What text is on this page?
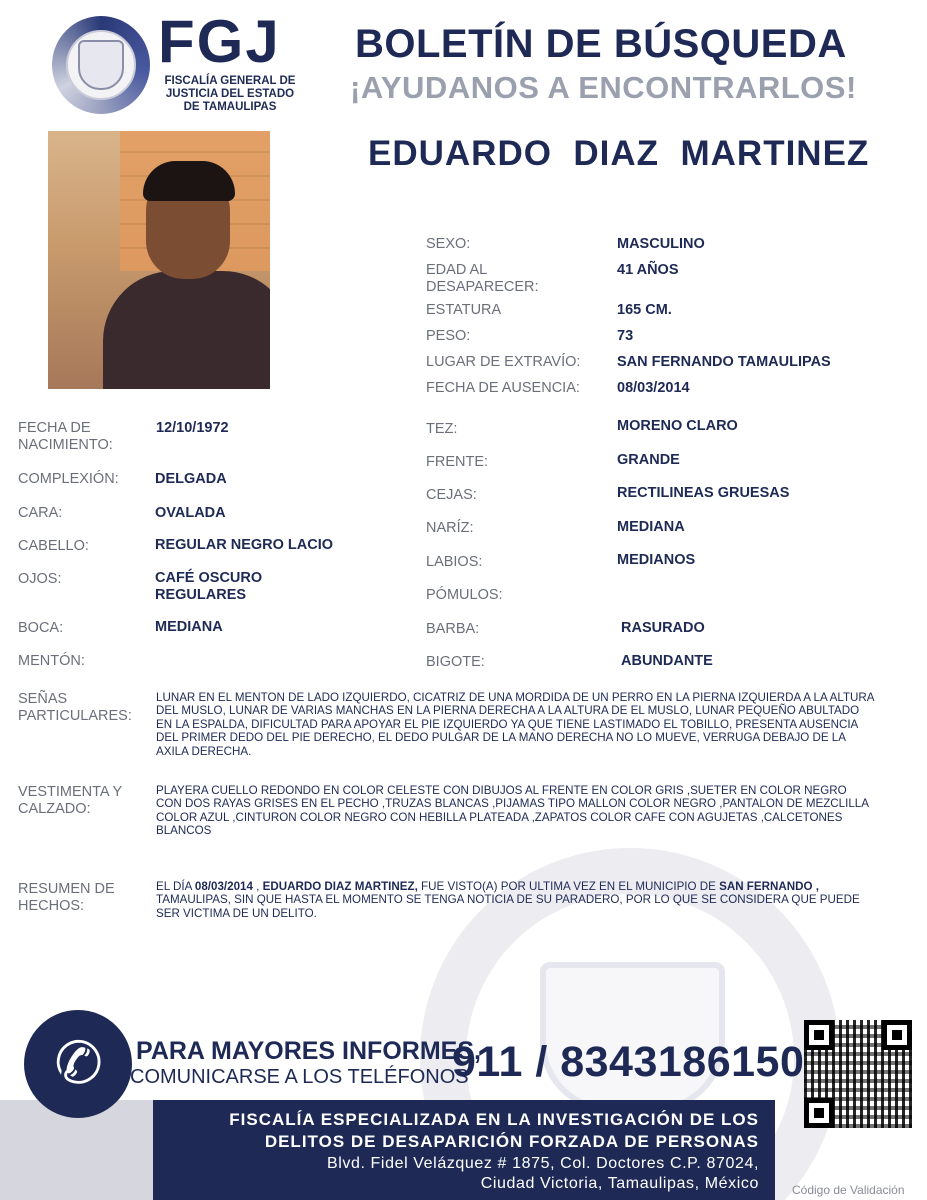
FGJ
FISCALÍA GENERAL DE JUSTICIA DEL ESTADO DE TAMAULIPAS
BOLETÍN DE BÚSQUEDA
¡AYUDANOS A ENCONTRARLOS!
EDUARDO  DIAZ  MARTINEZ
SEXO:	MASCULINO
EDAD AL
DESAPARECER:
41 AÑOS
ESTATURA	165 CM.
PESO:	73
LUGAR DE EXTRAVÍO:	SAN FERNANDO TAMAULIPAS
FECHA DE AUSENCIA:	08/03/2014
FECHA DE
NACIMIENTO:
12/10/1972
COMPLEXIÓN:	DELGADA
CARA:	OVALADA
CABELLO:	REGULAR NEGRO LACIO
OJOS:	CAFÉ OSCURO
REGULARES
BOCA:	MEDIANA
MENTÓN:
TEZ:	MORENO CLARO
FRENTE:	GRANDE
CEJAS:	RECTILINEAS GRUESAS
NARÍZ:	MEDIANA
LABIOS:	MEDIANOS
PÓMULOS:
BARBA:	RASURADO
BIGOTE:	ABUNDANTE
SEÑAS
PARTICULARES:
LUNAR EN EL MENTON DE LADO IZQUIERDO, CICATRIZ DE UNA MORDIDA DE UN PERRO EN LA PIERNA IZQUIERDA A LA ALTURA DEL MUSLO, LUNAR DE VARIAS MANCHAS EN LA PIERNA DERECHA A LA ALTURA DE EL MUSLO, LUNAR PEQUEÑO ABULTADO EN LA ESPALDA, DIFICULTAD PARA APOYAR EL PIE IZQUIERDO YA QUE TIENE LASTIMADO EL TOBILLO, PRESENTA AUSENCIA DEL PRIMER DEDO DEL PIE DERECHO, EL DEDO PULGAR DE LA MANO DERECHA NO LO MUEVE, VERRUGA DEBAJO DE LA AXILA DERECHA.
VESTIMENTA Y
CALZADO:
PLAYERA CUELLO REDONDO EN COLOR CELESTE CON DIBUJOS AL FRENTE EN COLOR GRIS ,SUETER EN COLOR NEGRO CON DOS RAYAS GRISES EN EL PECHO ,TRUZAS BLANCAS ,PIJAMAS TIPO MALLON COLOR NEGRO ,PANTALON DE MEZCLILLA COLOR AZUL ,CINTURON COLOR NEGRO CON HEBILLA PLATEADA ,ZAPATOS COLOR CAFE CON AGUJETAS ,CALCETONES BLANCOS
RESUMEN DE
HECHOS:
EL DÍA 08/03/2014 , EDUARDO DIAZ MARTINEZ, FUE VISTO(A) POR ULTIMA VEZ EN EL MUNICIPIO DE SAN FERNANDO , TAMAULIPAS, SIN QUE HASTA EL MOMENTO SE TENGA NOTICIA DE SU PARADERO, POR LO QUE SE CONSIDERA QUE PUEDE SER VICTIMA DE UN DELITO.
✆ PARA MAYORES INFORMES,
COMUNICARSE A LOS TELÉFONOS
911 / 8343186150
FISCALÍA ESPECIALIZADA EN LA INVESTIGACIÓN DE LOS
DELITOS DE DESAPARICIÓN FORZADA DE PERSONAS
Blvd. Fidel Velázquez # 1875, Col. Doctores C.P. 87024,
Ciudad Victoria, Tamaulipas, México	Código de Validación
